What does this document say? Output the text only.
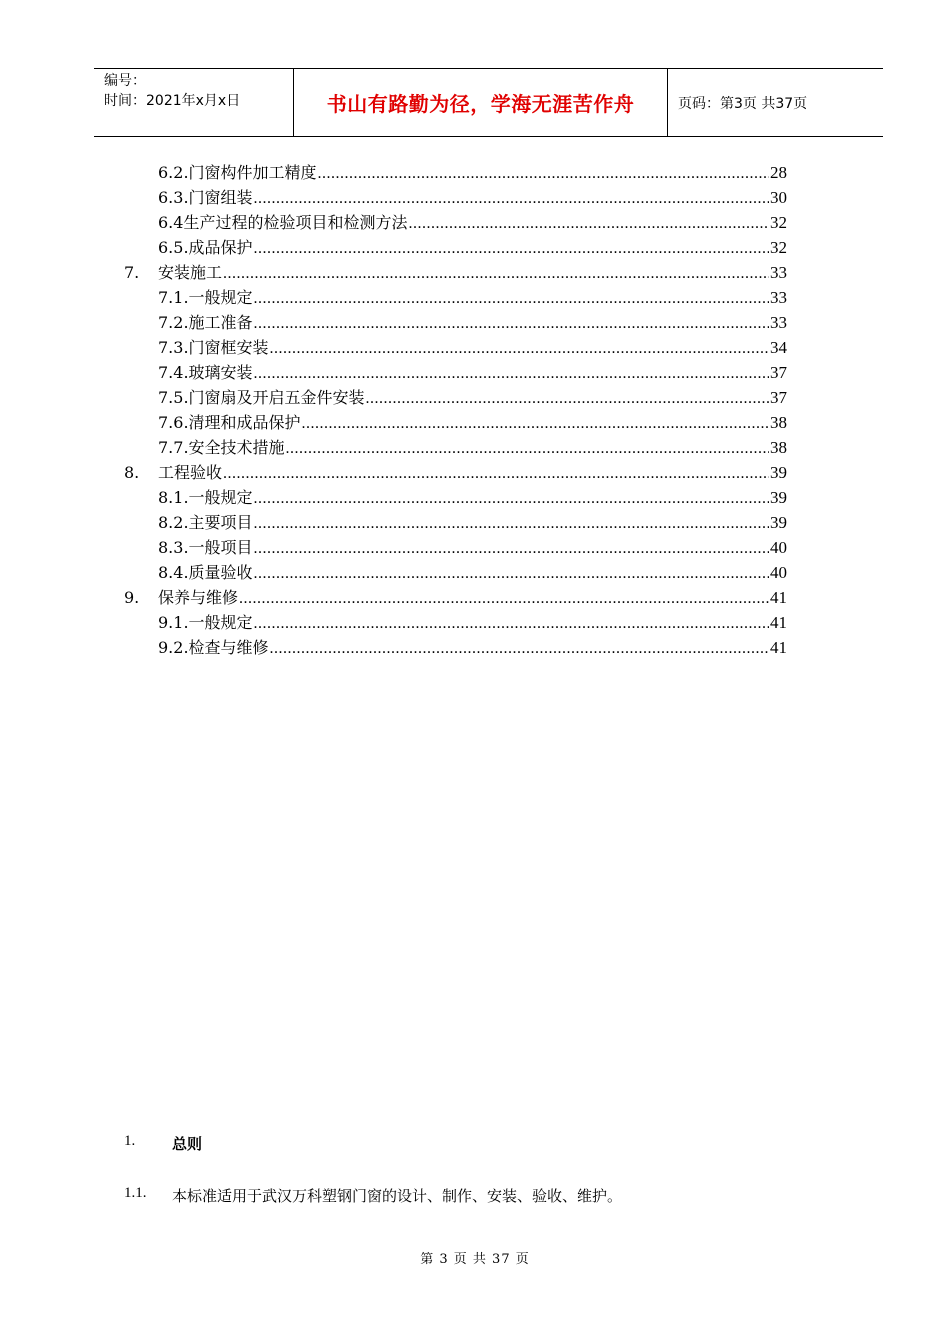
编号：
时间：2021年x月x日	书山有路勤为径，学海无涯苦作舟	页码：第3页 共37页
6.2.门窗构件加工精度 .....	28
6.3.门窗组装 .....	30
6.4生产过程的检验项目和检测方法 .....	32
6.5.成品保护 .....	32
7.	安装施工 .....	33
7.1.一般规定 .....	33
7.2.施工准备 .....	33
7.3.门窗框安装 .....	34
7.4.玻璃安装 .....	37
7.5.门窗扇及开启五金件安装 .....	37
7.6.清理和成品保护 .....	38
7.7.安全技术措施 .....	38
8.	工程验收 .....	39
8.1.一般规定 .....	39
8.2.主要项目 .....	39
8.3.一般项目 .....	40
8.4.质量验收 .....	40
9.	保养与维修 .....	41
9.1.一般规定 .....	41
9.2.检查与维修 .....	41
1.	总则
1.1.	本标准适用于武汉万科塑钢门窗的设计、制作、安装、验收、维护。
第 3 页 共 37 页
